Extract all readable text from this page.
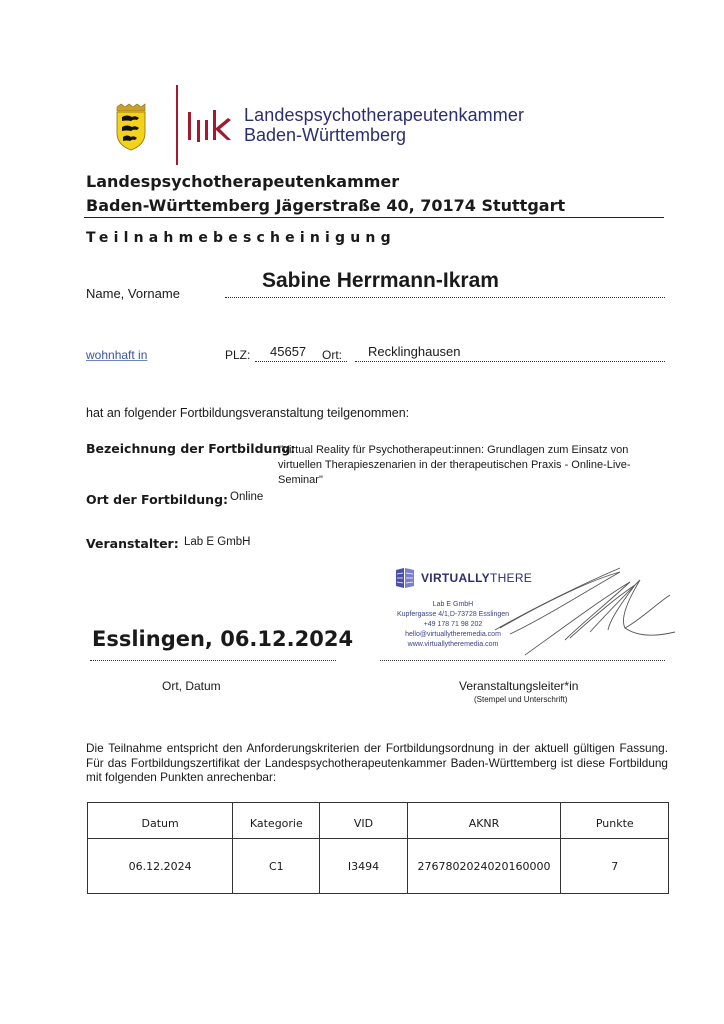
Landespsychotherapeutenkammer
Baden-Württemberg
Landespsychotherapeutenkammer
Baden-Württemberg Jägerstraße 40, 70174 Stuttgart
Teilnahmebescheinigung
Name, Vorname
Sabine Herrmann-Ikram
wohnhaft in	PLZ: 45657 Ort: Recklinghausen
hat an folgender Fortbildungsveranstaltung teilgenommen:
Bezeichnung der Fortbildung:
"Virtual Reality für Psychotherapeut:innen: Grundlagen zum Einsatz von virtuellen Therapieszenarien in der therapeutischen Praxis - Online-Live-Seminar"
Ort der Fortbildung: Online
Veranstalter: Lab E GmbH
VIRTUALLYTHERE
Lab E GmbH
Kupfergasse 4/1,D-73728 Esslingen
+49 178 71 98 202
hello@virtuallytheremedia.com
www.virtuallytheremedia.com
Esslingen, 06.12.2024
Ort, Datum	Veranstaltungsleiter*in
(Stempel und Unterschrift)
Die Teilnahme entspricht den Anforderungskriterien der Fortbildungsordnung in der aktuell gültigen Fassung. Für das Fortbildungszertifikat der Landespsychotherapeutenkammer Baden-Württemberg ist diese Fortbildung mit folgenden Punkten anrechenbar:
Datum	Kategorie	VID	AKNR	Punkte
06.12.2024	C1	I3494	2767802024020160000	7
